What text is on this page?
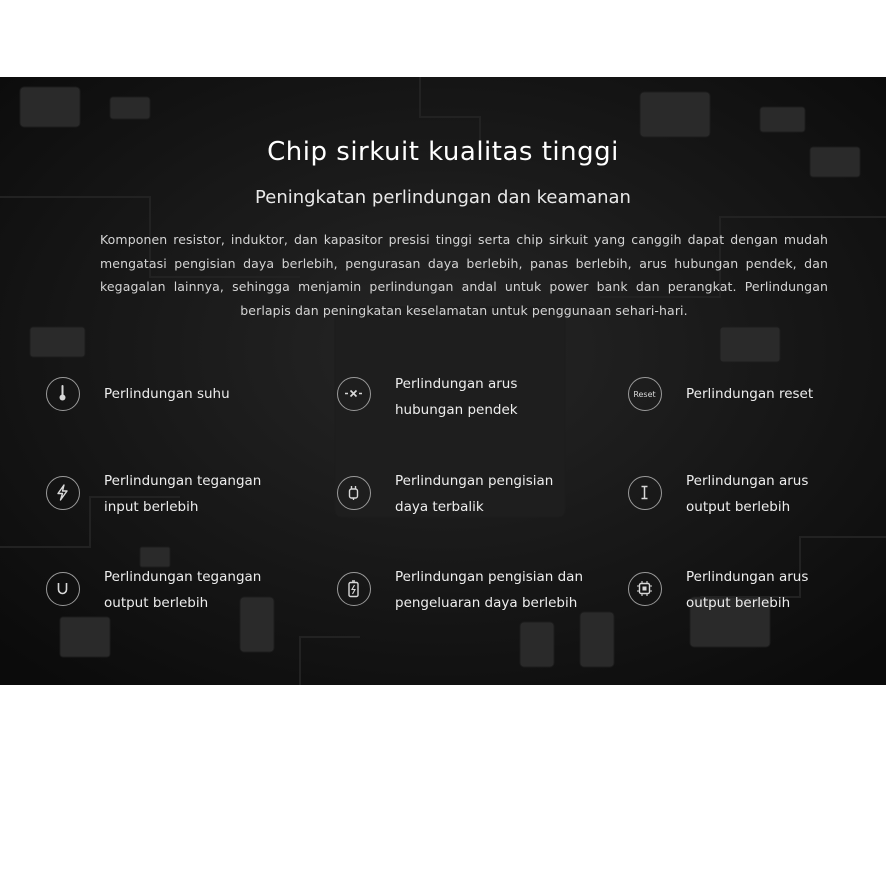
Chip sirkuit kualitas tinggi
Peningkatan perlindungan dan keamanan
Komponen resistor, induktor, dan kapasitor presisi tinggi serta chip sirkuit yang canggih dapat dengan mudah mengatasi pengisian daya berlebih, pengurasan daya berlebih, panas berlebih, arus hubungan pendek, dan kegagalan lainnya, sehingga menjamin perlindungan andal untuk power bank dan perangkat. Perlindungan berlapis dan peningkatan keselamatan untuk penggunaan sehari-hari.
Perlindungan suhu
Perlindungan arus hubungan pendek
Reset Perlindungan reset
Perlindungan tegangan input berlebih
Perlindungan pengisian daya terbalik
Perlindungan arus output berlebih
Perlindungan tegangan output berlebih
Perlindungan pengisian dan pengeluaran daya berlebih
Perlindungan arus output berlebih
